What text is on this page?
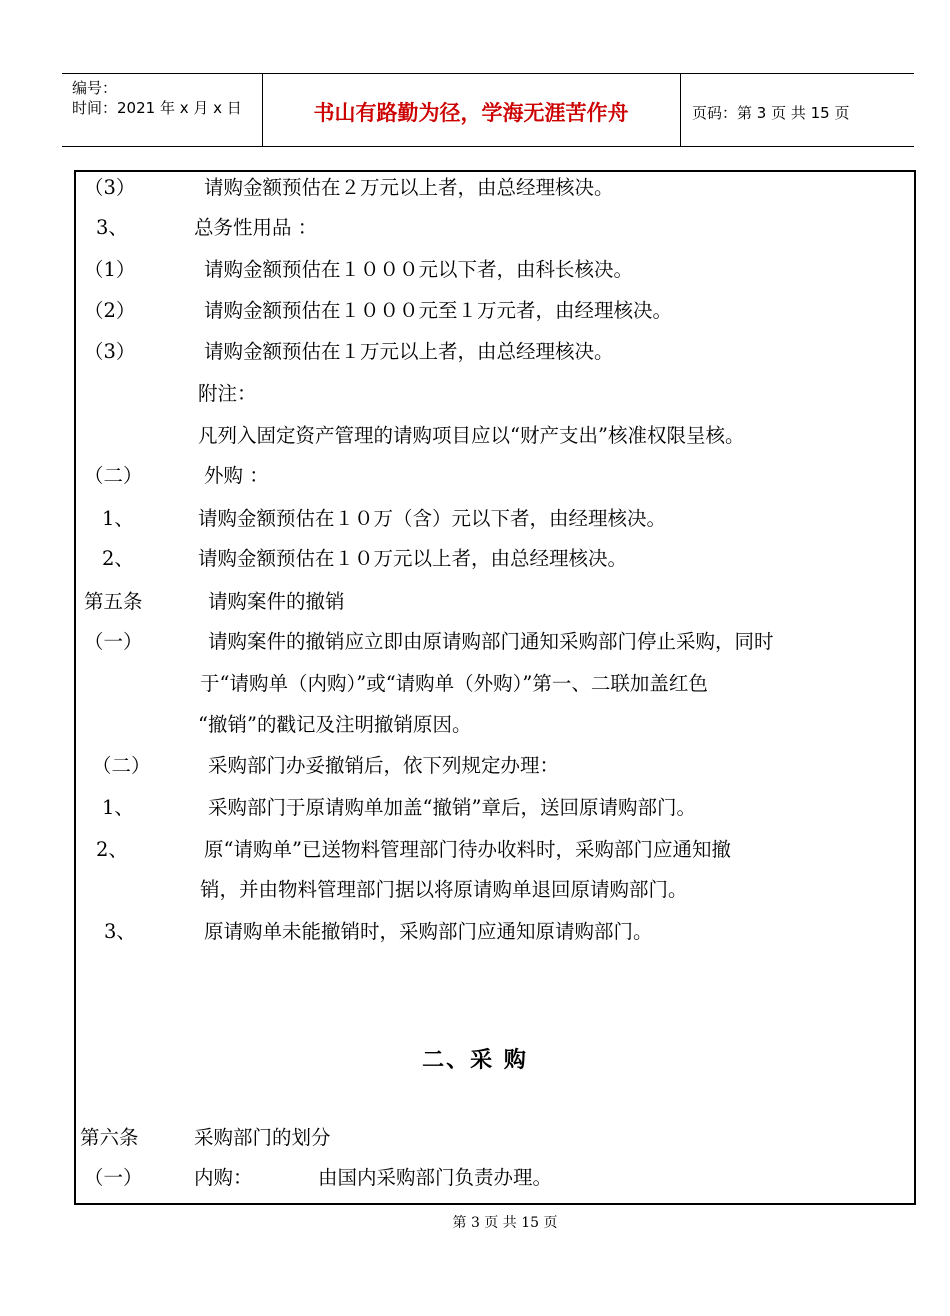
编号：
时间：2021 年 x 月 x 日	书山有路勤为径，学海无涯苦作舟	页码：第 3 页 共 15 页
（3）	请购金额预估在２万元以上者，由总经理核决。
3、	总务性用品 ：
（1）	请购金额预估在１０００元以下者，由科长核决。
（2）	请购金额预估在１０００元至１万元者，由经理核决。
（3）	请购金额预估在１万元以上者，由总经理核决。
附注：
凡列入固定资产管理的请购项目应以“财产支出”核准权限呈核。
（二）	外购 ：
1、	请购金额预估在１０万（含）元以下者，由经理核决。
2、	请购金额预估在１０万元以上者，由总经理核决。
第五条	请购案件的撤销
（一）	请购案件的撤销应立即由原请购部门通知采购部门停止采购，同时
于“请购单（内购）”或“请购单（外购）”第一、二联加盖红色
“撤销”的戳记及注明撤销原因。
（二）	采购部门办妥撤销后，依下列规定办理：
1、	采购部门于原请购单加盖“撤销”章后，送回原请购部门。
2、	原“请购单”已送物料管理部门待办收料时，采购部门应通知撤
销，并由物料管理部门据以将原请购单退回原请购部门。
3、	原请购单未能撤销时，采购部门应通知原请购部门。
二、采 购
第六条	采购部门的划分
（一）	内购：	由国内采购部门负责办理。
第 3 页 共 15 页
